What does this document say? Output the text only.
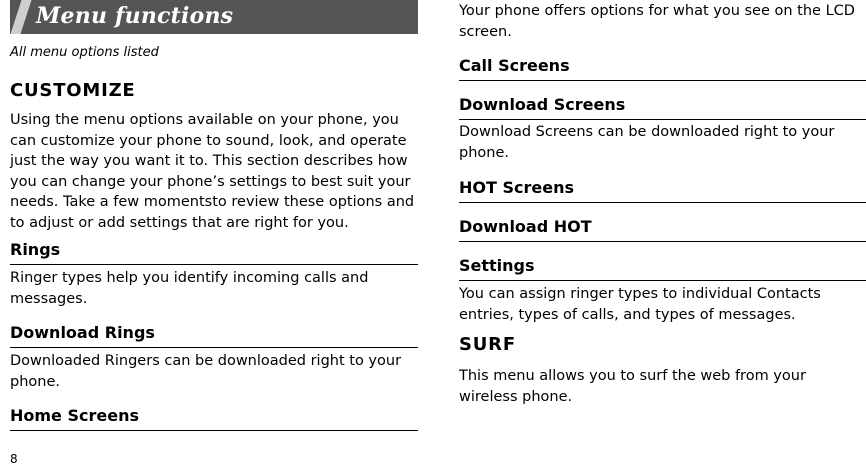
Menu functions
All menu options listed
CUSTOMIZE
Using the menu options available on your phone, you can customize your phone to sound, look, and operate just the way you want it to. This section describes how you can change your phone’s settings to best suit your needs. Take a few momentsto review these options and to adjust or add settings that are right for you.
Rings
Ringer types help you identify incoming calls and messages.
Download Rings
Downloaded Ringers can be downloaded right to your phone.
Home Screens
8
Your phone offers options for what you see on the LCD screen.
Call Screens
Download Screens
Download Screens can be downloaded right to your phone.
HOT Screens
Download HOT
Settings
You can assign ringer types to individual Contacts entries, types of calls, and types of messages.
SURF
This menu allows you to surf the web from your wireless phone.
